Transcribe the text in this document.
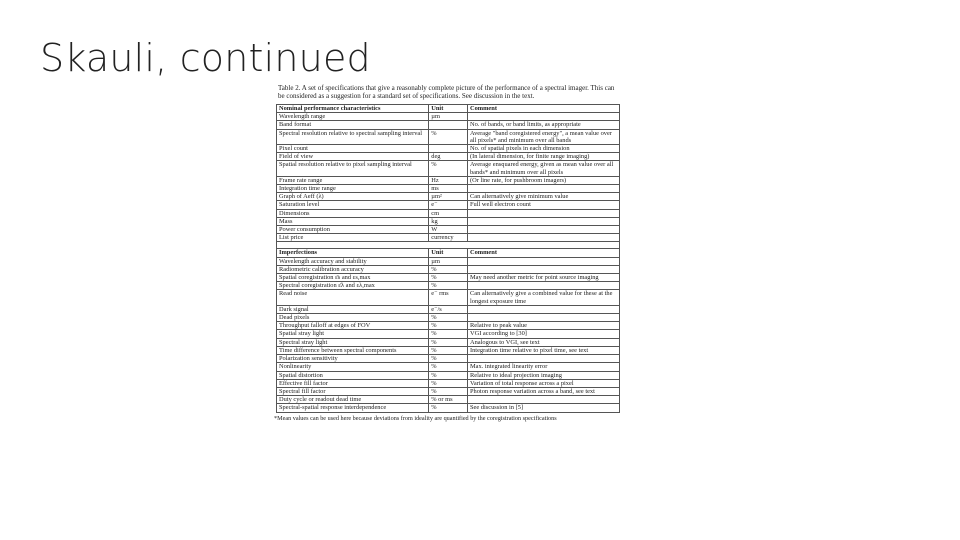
Skauli, continued
Table 2. A set of specifications that give a reasonably complete picture of the performance of a spectral imager. This can be considered as a suggestion for a standard set of specifications. See discussion in the text.
Nominal performance characteristics	Unit	Comment
Wavelength range	µm	
Band format		No. of bands, or band limits, as appropriate
Spectral resolution relative to spectral sampling interval	%	Average "band coregistered energy", a mean value over all pixels* and minimum over all bands
Pixel count		No. of spatial pixels in each dimension
Field of view	deg	(In lateral dimension, for finite range imaging)
Spatial resolution relative to pixel sampling interval	%	Average ensquared energy, given as mean value over all bands* and minimum over all pixels
Frame rate range	Hz	(Or line rate, for pushbroom imagers)
Integration time range	ms	
Graph of Aeff (λ)	µm²	Can alternatively give minimum value
Saturation level	e⁻	Full well electron count
Dimensions	cm	
Mass	kg	
Power consumption	W	
List price	currency	

Imperfections	Unit	Comment
Wavelength accuracy and stability	µm	
Radiometric calibration accuracy	%	
Spatial coregistration ε̄s and εs,max	%	May need another metric for point source imaging
Spectral coregistration ε̄λ and ελ,max	%	
Read noise	e⁻ rms	Can alternatively give a combined value for these at the longest exposure time
Dark signal	e⁻/s	
Dead pixels	%	
Throughput falloff at edges of FOV	%	Relative to peak value
Spatial stray light	%	VGI according to [30]
Spectral stray light	%	Analogous to VGI, see text
Time difference between spectral components	%	Integration time relative to pixel time, see text
Polarization sensitivity	%	
Nonlinearity	%	Max. integrated linearity error
Spatial distortion	%	Relative to ideal projection imaging
Effective fill factor	%	Variation of total response across a pixel
Spectral fill factor	%	Photon response variation across a band, see text
Duty cycle or readout dead time	% or ms	
Spectral-spatial response interdependence	%	See discussion in [5]
*Mean values can be used here because deviations from ideality are quantified by the coregistration specifications
